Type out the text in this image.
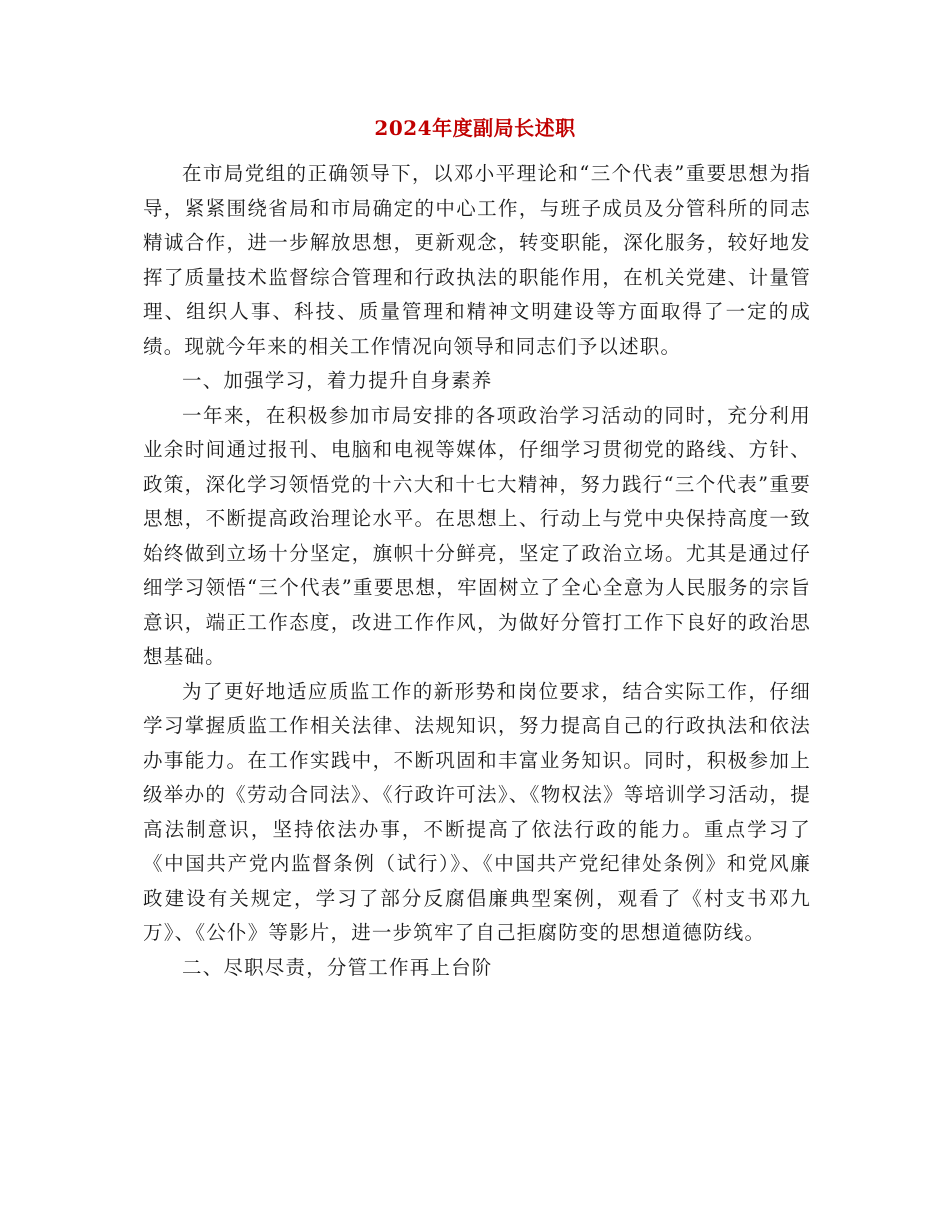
2024年度副局长述职

在市局党组的正确领导下，以邓小平理论和“三个代表”重要思想为指导，紧紧围绕省局和市局确定的中心工作，与班子成员及分管科所的同志精诚合作，进一步解放思想，更新观念，转变职能，深化服务，较好地发挥了质量技术监督综合管理和行政执法的职能作用，在机关党建、计量管理、组织人事、科技、质量管理和精神文明建设等方面取得了一定的成绩。现就今年来的相关工作情况向领导和同志们予以述职。

一、加强学习，着力提升自身素养

一年来，在积极参加市局安排的各项政治学习活动的同时，充分利用业余时间通过报刊、电脑和电视等媒体，仔细学习贯彻党的路线、方针、政策，深化学习领悟党的十六大和十七大精神，努力践行“三个代表”重要思想，不断提高政治理论水平。在思想上、行动上与党中央保持高度一致始终做到立场十分坚定，旗帜十分鲜亮，坚定了政治立场。尤其是通过仔细学习领悟“三个代表”重要思想，牢固树立了全心全意为人民服务的宗旨意识，端正工作态度，改进工作作风，为做好分管打工作下良好的政治思想基础。

为了更好地适应质监工作的新形势和岗位要求，结合实际工作，仔细学习掌握质监工作相关法律、法规知识，努力提高自己的行政执法和依法办事能力。在工作实践中，不断巩固和丰富业务知识。同时，积极参加上级举办的《劳动合同法》、《行政许可法》、《物权法》等培训学习活动，提高法制意识，坚持依法办事，不断提高了依法行政的能力。重点学习了《中国共产党内监督条例（试行）》、《中国共产党纪律处条例》和党风廉政建设有关规定，学习了部分反腐倡廉典型案例，观看了《村支书邓九万》、《公仆》等影片，进一步筑牢了自己拒腐防变的思想道德防线。

二、尽职尽责，分管工作再上台阶
